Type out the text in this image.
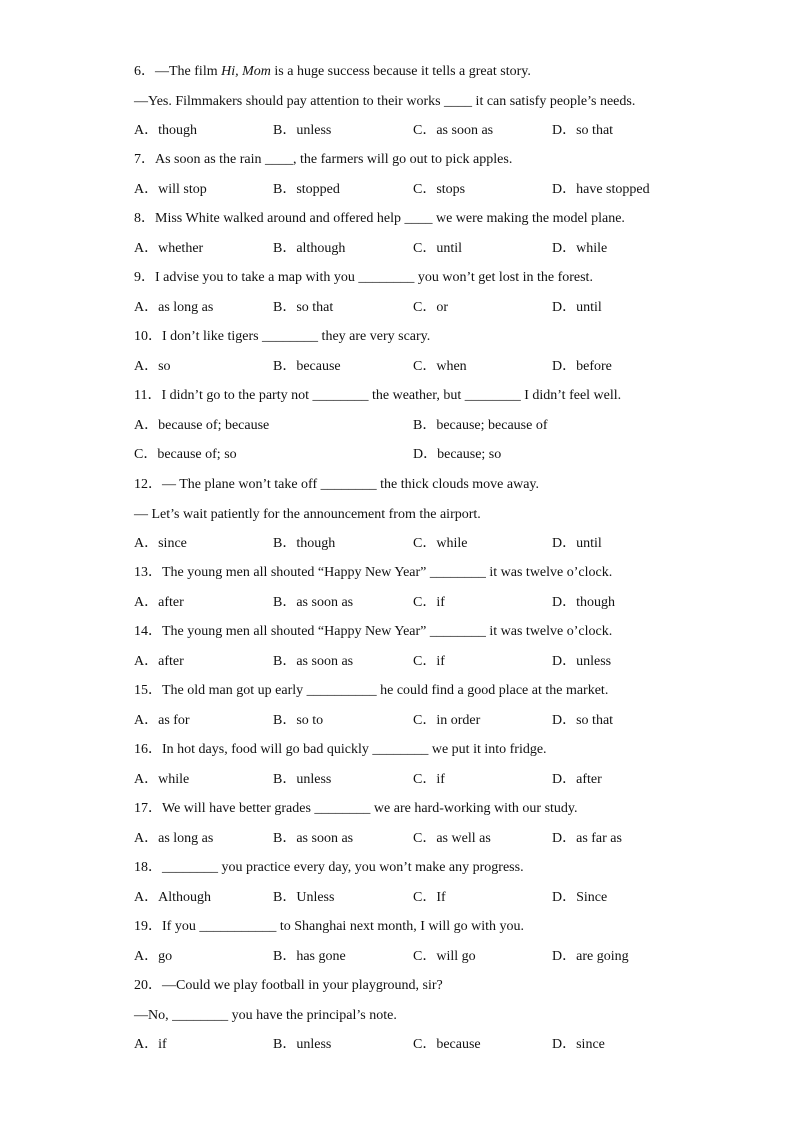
6．—The film Hi, Mom is a huge success because it tells a great story.
—Yes. Filmmakers should pay attention to their works ____ it can satisfy people’s needs.
A．though	B．unless	C．as soon as	D．so that
7．As soon as the rain ____, the farmers will go out to pick apples.
A．will stop	B．stopped	C．stops	D．have stopped
8．Miss White walked around and offered help ____ we were making the model plane.
A．whether	B．although	C．until	D．while
9．I advise you to take a map with you ________ you won’t get lost in the forest.
A．as long as	B．so that	C．or	D．until
10．I don’t like tigers ________ they are very scary.
A．so	B．because	C．when	D．before
11．I didn’t go to the party not ________ the weather, but ________ I didn’t feel well.
A．because of; because	B．because; because of
C．because of; so	D．because; so
12．— The plane won’t take off ________ the thick clouds move away.
— Let’s wait patiently for the announcement from the airport.
A．since	B．though	C．while	D．until
13．The young men all shouted “Happy New Year” ________ it was twelve o’clock.
A．after	B．as soon as	C．if	D．though
14．The young men all shouted “Happy New Year” ________ it was twelve o’clock.
A．after	B．as soon as	C．if	D．unless
15．The old man got up early __________ he could find a good place at the market.
A．as for	B．so to	C．in order	D．so that
16．In hot days, food will go bad quickly ________ we put it into fridge.
A．while	B．unless	C．if	D．after
17．We will have better grades ________ we are hard-working with our study.
A．as long as	B．as soon as	C．as well as	D．as far as
18．________ you practice every day, you won’t make any progress.
A．Although	B．Unless	C．If	D．Since
19．If you ___________ to Shanghai next month, I will go with you.
A．go	B．has gone	C．will go	D．are going
20．—Could we play football in your playground, sir?
—No, ________ you have the principal’s note.
A．if	B．unless	C．because	D．since
